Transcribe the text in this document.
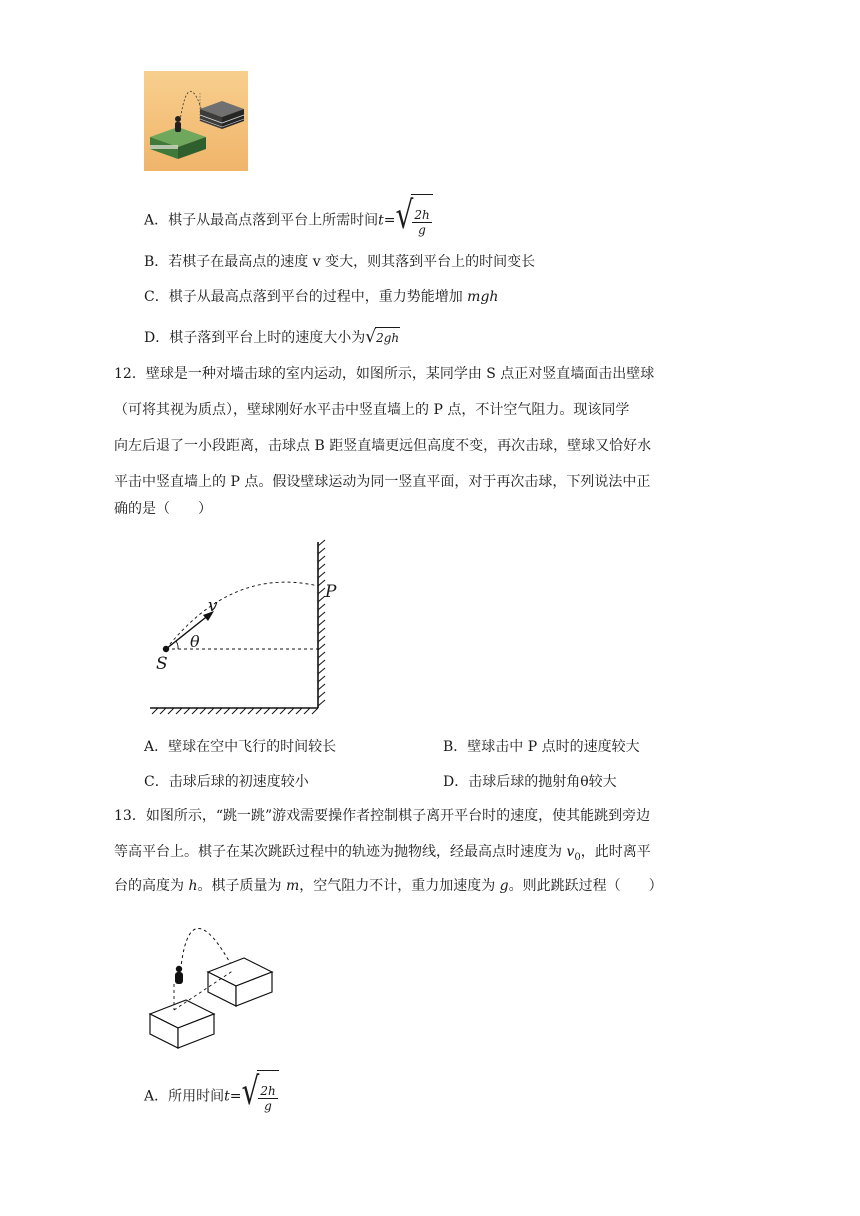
A．棋子从最高点落到平台上所需时间t= √ $\frac{2h}{g}$
B．若棋子在最高点的速度 v 变大，则其落到平台上的时间变长
C．棋子从最高点落到平台的过程中，重力势能增加 mgh
D．棋子落到平台上时的速度大小为 √ 2gh
12．壁球是一种对墙击球的室内运动，如图所示，某同学由 S 点正对竖直墙面击出壁球
（可将其视为质点），壁球刚好水平击中竖直墙上的 P 点，不计空气阻力。现该同学
向左后退了一小段距离，击球点 B 距竖直墙更远但高度不变，再次击球，壁球又恰好水
平击中竖直墙上的 P 点。假设壁球运动为同一竖直平面，对于再次击球，下列说法中正
确的是（　　）
S
P
v
θ
A．壁球在空中飞行的时间较长	B．壁球击中 P 点时的速度较大
C．击球后球的初速度较小	D．击球后球的抛射角θ较大
13．如图所示，“跳一跳”游戏需要操作者控制棋子离开平台时的速度，使其能跳到旁边
等高平台上。棋子在某次跳跃过程中的轨迹为抛物线，经最高点时速度为 $v_0$，此时离平
台的高度为 h。棋子质量为 m，空气阻力不计，重力加速度为 g。则此跳跃过程（　　）
A．所用时间t= √ $\frac{2h}{g}$
